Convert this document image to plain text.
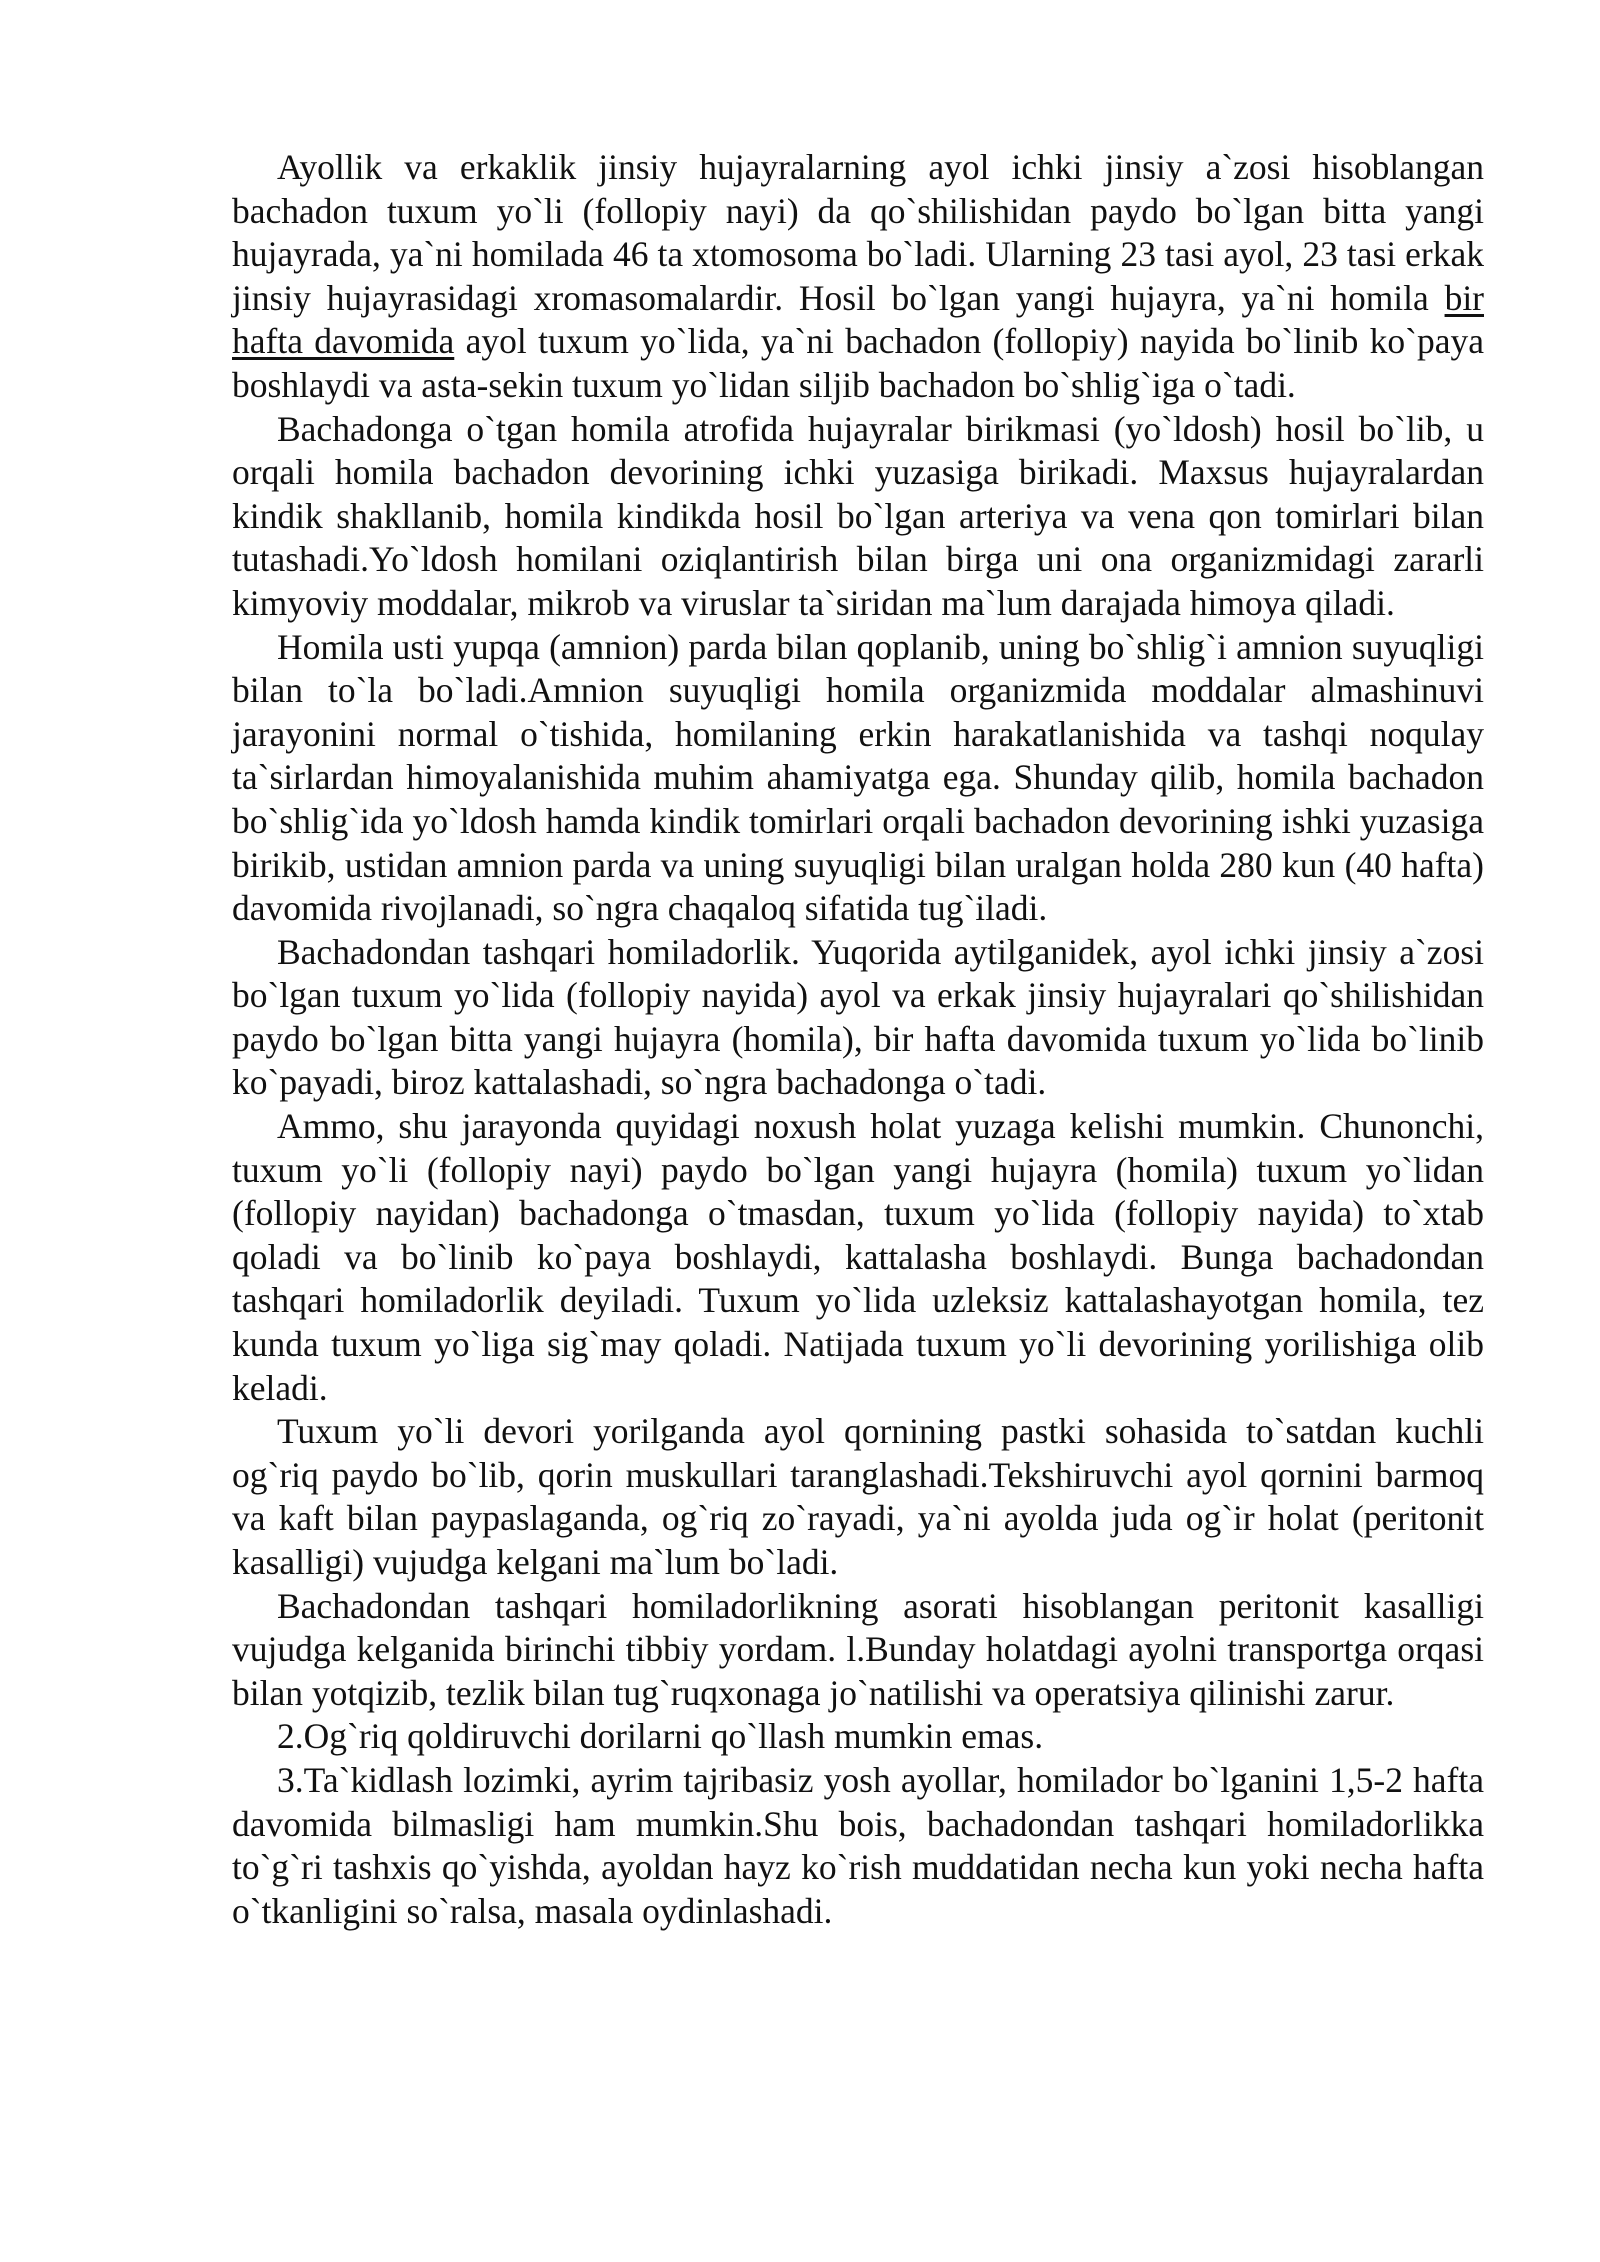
Ayollik va erkaklik jinsiy hujayralarning ayol ichki jinsiy a`zosi hisoblangan bachadon tuxum yo`li (follopiy nayi) da qo`shilishidan paydo bo`lgan bitta yangi hujayrada, ya`ni homilada 46 ta xtomosoma bo`ladi. Ularning 23 tasi ayol, 23 tasi erkak jinsiy hujayrasidagi xromasomalardir. Hosil bo`lgan yangi hujayra, ya`ni homila bir hafta davomida ayol tuxum yo`lida, ya`ni bachadon (follopiy) nayida bo`linib ko`paya boshlaydi va asta-sekin tuxum yo`lidan siljib bachadon bo`shlig`iga o`tadi.

Bachadonga o`tgan homila atrofida hujayralar birikmasi (yo`ldosh) hosil bo`lib, u orqali homila bachadon devorining ichki yuzasiga birikadi. Maxsus hujayralardan kindik shakllanib, homila kindikda hosil bo`lgan arteriya va vena qon tomirlari bilan tutashadi.Yo`ldosh homilani oziqlantirish bilan birga uni ona organizmidagi zararli kimyoviy moddalar, mikrob va viruslar ta`siridan ma`lum darajada himoya qiladi.

Homila usti yupqa (amnion) parda bilan qoplanib, uning bo`shlig`i amnion suyuqligi bilan to`la bo`ladi.Amnion suyuqligi homila organizmida moddalar almashinuvi jarayonini normal o`tishida, homilaning erkin harakatlanishida va tashqi noqulay ta`sirlardan himoyalanishida muhim ahamiyatga ega. Shunday qilib, homila bachadon bo`shlig`ida yo`ldosh hamda kindik tomirlari orqali bachadon devorining ishki yuzasiga birikib, ustidan amnion parda va uning suyuqligi bilan uralgan holda 280 kun (40 hafta) davomida rivojlanadi, so`ngra chaqaloq sifatida tug`iladi.

Bachadondan tashqari homiladorlik. Yuqorida aytilganidek, ayol ichki jinsiy a`zosi bo`lgan tuxum yo`lida (follopiy nayida) ayol va erkak jinsiy hujayralari qo`shilishidan paydo bo`lgan bitta yangi hujayra (homila), bir hafta davomida tuxum yo`lida bo`linib ko`payadi, biroz kattalashadi, so`ngra bachadonga o`tadi.

Ammo, shu jarayonda quyidagi noxush holat yuzaga kelishi mumkin. Chunonchi, tuxum yo`li (follopiy nayi) paydo bo`lgan yangi hujayra (homila) tuxum yo`lidan (follopiy nayidan) bachadonga o`tmasdan, tuxum yo`lida (follopiy nayida) to`xtab qoladi va bo`linib ko`paya boshlaydi, kattalasha boshlaydi. Bunga bachadondan tashqari homiladorlik deyiladi. Tuxum yo`lida uzleksiz kattalashayotgan homila, tez kunda tuxum yo`liga sig`may qoladi. Natijada tuxum yo`li devorining yorilishiga olib keladi.

Tuxum yo`li devori yorilganda ayol qornining pastki sohasida to`satdan kuchli og`riq paydo bo`lib, qorin muskullari taranglashadi.Tekshiruvchi ayol qornini barmoq va kaft bilan paypaslaganda, og`riq zo`rayadi, ya`ni ayolda juda og`ir holat (peritonit kasalligi) vujudga kelgani ma`lum bo`ladi.

Bachadondan tashqari homiladorlikning asorati hisoblangan peritonit kasalligi vujudga kelganida birinchi tibbiy yordam. l.Bunday holatdagi ayolni transportga orqasi bilan yotqizib, tezlik bilan tug`ruqxonaga jo`natilishi va operatsiya qilinishi zarur.

2.Og`riq qoldiruvchi dorilarni qo`llash mumkin emas.

3.Ta`kidlash lozimki, ayrim tajribasiz yosh ayollar, homilador bo`lganini 1,5-2 hafta davomida bilmasligi ham mumkin.Shu bois, bachadondan tashqari homiladorlikka to`g`ri tashxis qo`yishda, ayoldan hayz ko`rish muddatidan necha kun yoki necha hafta o`tkanligini so`ralsa, masala oydinlashadi.
